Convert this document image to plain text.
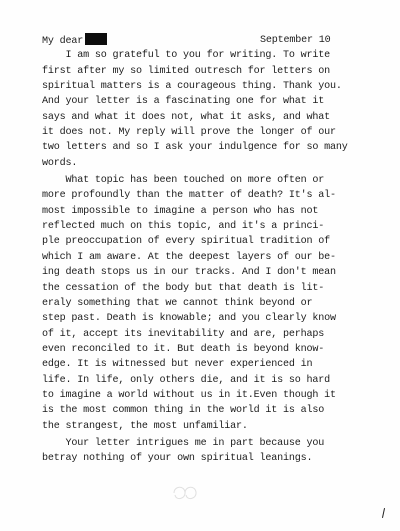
My dear	September 10
I am so grateful to you for writing. To write
first after my so limited outresch for letters on
spiritual matters is a courageous thing. Thank you.
And your letter is a fascinating one for what it
says and what it does not, what it asks, and what
it does not. My reply will prove the longer of our
two letters and so I ask your indulgence for so many
words.
What topic has been touched on more often or
more profoundly than the matter of death? It's al-
most impossible to imagine a person who has not
reflected much on this topic, and it's a princi-
ple preoccupation of every spiritual tradition of
which I am aware. At the deepest layers of our be-
ing death stops us in our tracks. And I don't mean
the cessation of the body but that death is lit-
eraly something that we cannot think beyond or
step past. Death is knowable; and you clearly know
of it, accept its inevitability and are, perhaps
even reconciled to it. But death is beyond know-
edge. It is witnessed but never experienced in
life. In life, only others die, and it is so hard
to imagine a world without us in it.Even though it
is the most common thing in the world it is also
the strangest, the most unfamiliar.
Your letter intrigues me in part because you
betray nothing of your own spiritual leanings.
